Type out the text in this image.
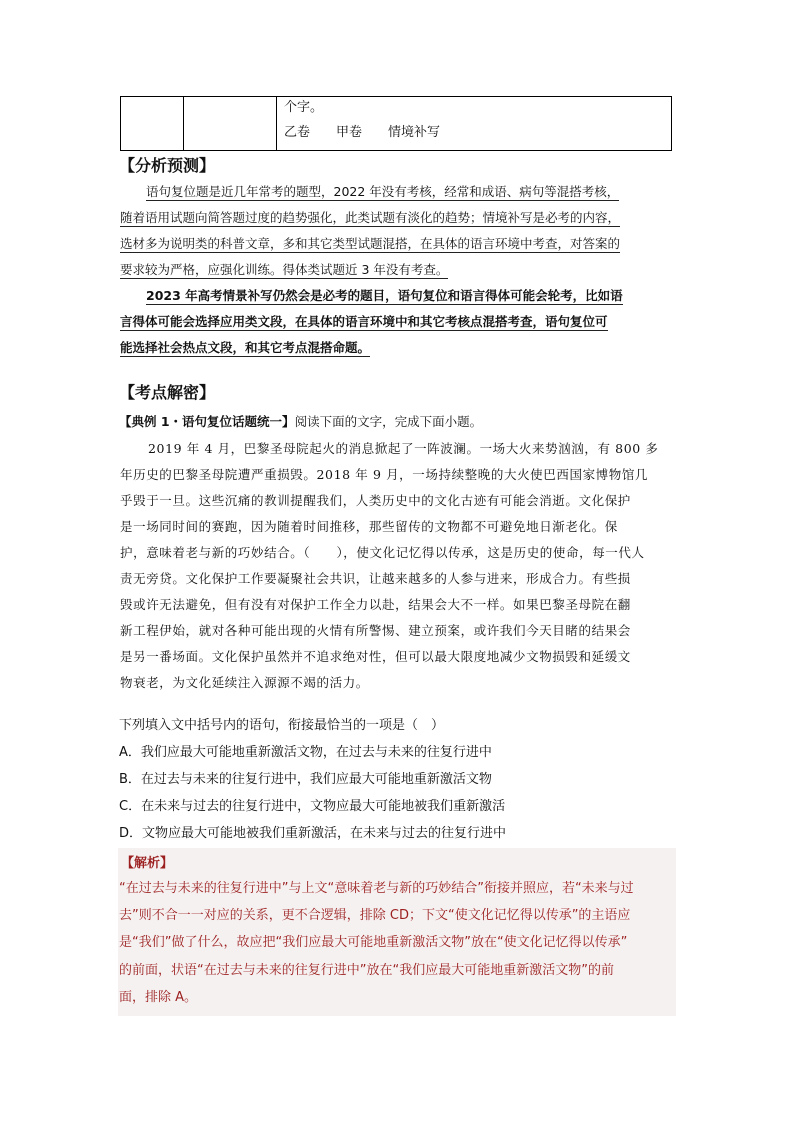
个字。
乙卷　　甲卷　　情境补写
【分析预测】
语句复位题是近几年常考的题型，2022 年没有考核，经常和成语、病句等混搭考核，
随着语用试题向简答题过度的趋势强化，此类试题有淡化的趋势；情境补写是必考的内容，
选材多为说明类的科普文章，多和其它类型试题混搭，在具体的语言环境中考查，对答案的
要求较为严格，应强化训练。得体类试题近 3 年没有考查。
2023 年高考情景补写仍然会是必考的题目，语句复位和语言得体可能会轮考，比如语
言得体可能会选择应用类文段，在具体的语言环境中和其它考核点混搭考查，语句复位可
能选择社会热点文段，和其它考点混搭命题。
【考点解密】
【典例 1・语句复位话题统一】阅读下面的文字，完成下面小题。
2019 年 4 月，巴黎圣母院起火的消息掀起了一阵波澜。一场大火来势汹汹，有 800 多
年历史的巴黎圣母院遭严重损毁。2018 年 9 月，一场持续整晚的大火使巴西国家博物馆几
乎毁于一旦。这些沉痛的教训提醒我们，人类历史中的文化古迹有可能会消逝。文化保护
是一场同时间的赛跑，因为随着时间推移，那些留传的文物都不可避免地日渐老化。保
护，意味着老与新的巧妙结合。（　　），使文化记忆得以传承，这是历史的使命，每一代人
责无旁贷。文化保护工作要凝聚社会共识，让越来越多的人参与进来，形成合力。有些损
毁或许无法避免，但有没有对保护工作全力以赴，结果会大不一样。如果巴黎圣母院在翻
新工程伊始，就对各种可能出现的火情有所警惕、建立预案，或许我们今天目睹的结果会
是另一番场面。文化保护虽然并不追求绝对性，但可以最大限度地减少文物损毁和延缓文
物衰老，为文化延续注入源源不竭的活力。
下列填入文中括号内的语句，衔接最恰当的一项是（　）
A．我们应最大可能地重新激活文物，在过去与未来的往复行进中
B．在过去与未来的往复行进中，我们应最大可能地重新激活文物
C．在未来与过去的往复行进中，文物应最大可能地被我们重新激活
D．文物应最大可能地被我们重新激活，在未来与过去的往复行进中
【解析】
“在过去与未来的往复行进中”与上文“意味着老与新的巧妙结合”衔接并照应，若“未来与过
去”则不合一一对应的关系，更不合逻辑，排除 CD；下文“使文化记忆得以传承”的主语应
是“我们”做了什么，故应把“我们应最大可能地重新激活文物”放在“使文化记忆得以传承”
的前面，状语“在过去与未来的往复行进中”放在“我们应最大可能地重新激活文物”的前
面，排除 A。
